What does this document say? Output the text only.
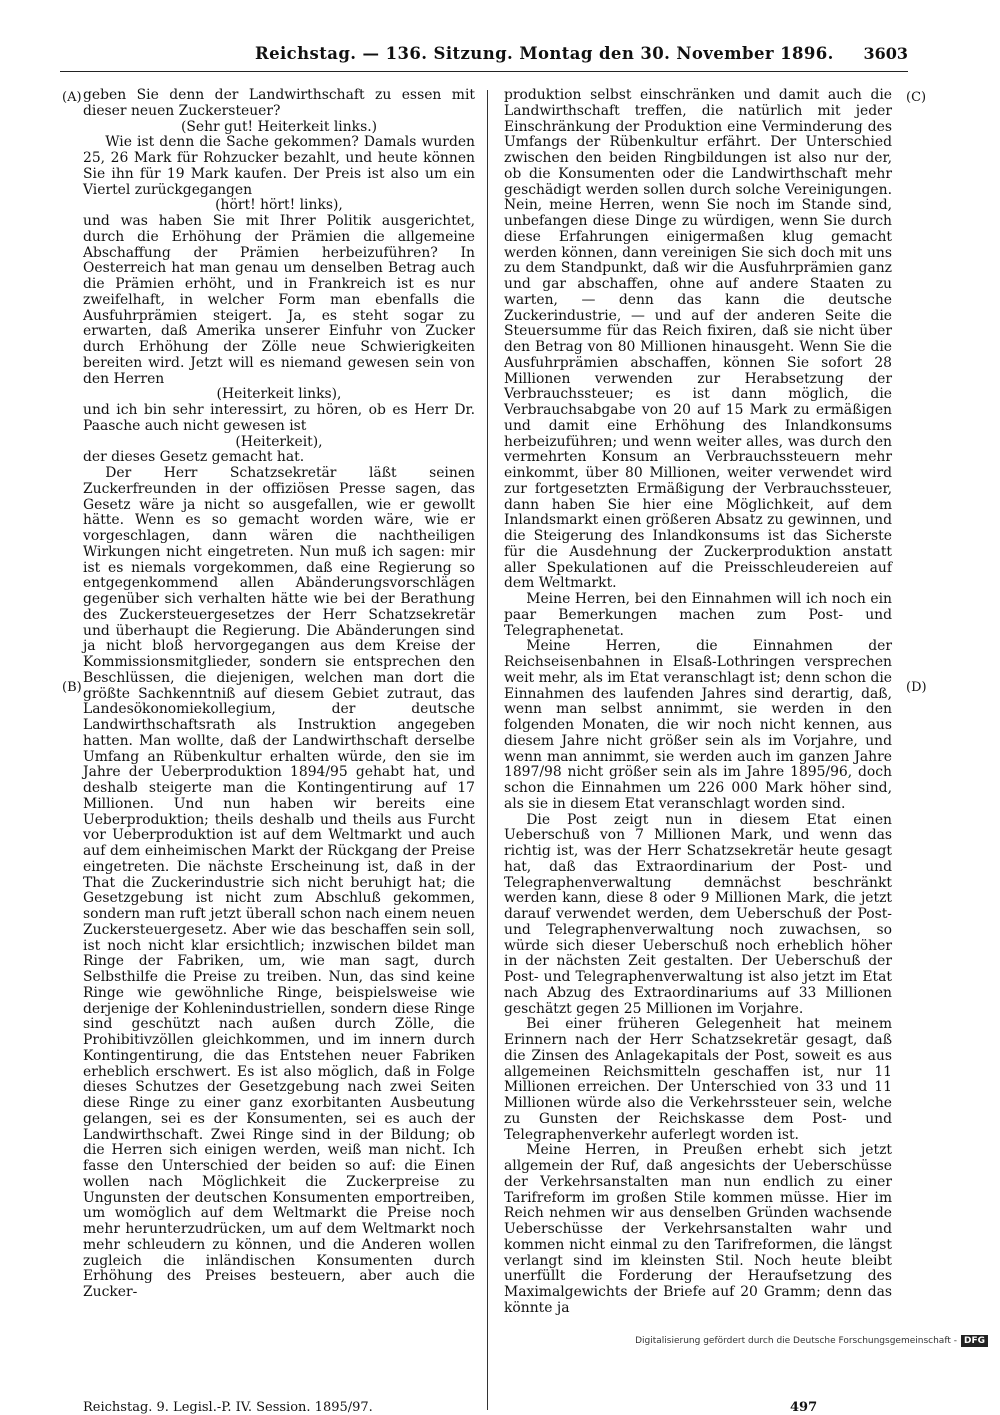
Reichstag. — 136. Sitzung. Montag den 30. November 1896. 3603
(A)
(B)
(C)
(D)

geben Sie denn der Landwirthschaft zu essen mit dieser neuen Zuckersteuer?

(Sehr gut! Heiterkeit links.)

Wie ist denn die Sache gekommen? Damals wurden 25, 26 Mark für Rohzucker bezahlt, und heute können Sie ihn für 19 Mark kaufen. Der Preis ist also um ein Viertel zurückgegangen

(hört! hört! links),

und was haben Sie mit Ihrer Politik ausgerichtet, durch die Erhöhung der Prämien die allgemeine Abschaffung der Prämien herbeizuführen? In Oesterreich hat man genau um denselben Betrag auch die Prämien erhöht, und in Frankreich ist es nur zweifelhaft, in welcher Form man ebenfalls die Ausfuhrprämien steigert. Ja, es steht sogar zu erwarten, daß Amerika unserer Einfuhr von Zucker durch Erhöhung der Zölle neue Schwierigkeiten bereiten wird. Jetzt will es niemand gewesen sein von den Herren

(Heiterkeit links),

und ich bin sehr interessirt, zu hören, ob es Herr Dr. Paasche auch nicht gewesen ist

(Heiterkeit),

der dieses Gesetz gemacht hat.

Der Herr Schatzsekretär läßt seinen Zuckerfreunden in der offiziösen Presse sagen, das Gesetz wäre ja nicht so ausgefallen, wie er gewollt hätte. Wenn es so gemacht worden wäre, wie er vorgeschlagen, dann wären die nachtheiligen Wirkungen nicht eingetreten. Nun muß ich sagen: mir ist es niemals vorgekommen, daß eine Regierung so entgegenkommend allen Abänderungsvorschlägen gegenüber sich verhalten hätte wie bei der Berathung des Zuckersteuergesetzes der Herr Schatzsekretär und überhaupt die Regierung. Die Abänderungen sind ja nicht bloß hervorgegangen aus dem Kreise der Kommissionsmitglieder, sondern sie entsprechen den Beschlüssen, die diejenigen, welchen man dort die größte Sachkenntniß auf diesem Gebiet zutraut, das Landesökonomiekollegium, der deutsche Landwirthschaftsrath als Instruktion angegeben hatten. Man wollte, daß der Landwirthschaft derselbe Umfang an Rübenkultur erhalten würde, den sie im Jahre der Ueberproduktion 1894/95 gehabt hat, und deshalb steigerte man die Kontingentirung auf 17 Millionen. Und nun haben wir bereits eine Ueberproduktion; theils deshalb und theils aus Furcht vor Ueberproduktion ist auf dem Weltmarkt und auch auf dem einheimischen Markt der Rückgang der Preise eingetreten. Die nächste Erscheinung ist, daß in der That die Zuckerindustrie sich nicht beruhigt hat; die Gesetzgebung ist nicht zum Abschluß gekommen, sondern man ruft jetzt überall schon nach einem neuen Zuckersteuergesetz. Aber wie das beschaffen sein soll, ist noch nicht klar ersichtlich; inzwischen bildet man Ringe der Fabriken, um, wie man sagt, durch Selbsthilfe die Preise zu treiben. Nun, das sind keine Ringe wie gewöhnliche Ringe, beispielsweise wie derjenige der Kohlenindustriellen, sondern diese Ringe sind geschützt nach außen durch Zölle, die Prohibitivzöllen gleichkommen, und im innern durch Kontingentirung, die das Entstehen neuer Fabriken erheblich erschwert. Es ist also möglich, daß in Folge dieses Schutzes der Gesetzgebung nach zwei Seiten diese Ringe zu einer ganz exorbitanten Ausbeutung gelangen, sei es der Konsumenten, sei es auch der Landwirthschaft. Zwei Ringe sind in der Bildung; ob die Herren sich einigen werden, weiß man nicht. Ich fasse den Unterschied der beiden so auf: die Einen wollen nach Möglichkeit die Zuckerpreise zu Ungunsten der deutschen Konsumenten emportreiben, um womöglich auf dem Weltmarkt die Preise noch mehr herunterzudrücken, um auf dem Weltmarkt noch mehr schleudern zu können, und die Anderen wollen zugleich die inländischen Konsumenten durch Erhöhung des Preises besteuern, aber auch die Zucker-

produktion selbst einschränken und damit auch die Landwirthschaft treffen, die natürlich mit jeder Einschränkung der Produktion eine Verminderung des Umfangs der Rübenkultur erfährt. Der Unterschied zwischen den beiden Ringbildungen ist also nur der, ob die Konsumenten oder die Landwirthschaft mehr geschädigt werden sollen durch solche Vereinigungen. Nein, meine Herren, wenn Sie noch im Stande sind, unbefangen diese Dinge zu würdigen, wenn Sie durch diese Erfahrungen einigermaßen klug gemacht werden können, dann vereinigen Sie sich doch mit uns zu dem Standpunkt, daß wir die Ausfuhrprämien ganz und gar abschaffen, ohne auf andere Staaten zu warten, — denn das kann die deutsche Zuckerindustrie, — und auf der anderen Seite die Steuersumme für das Reich fixiren, daß sie nicht über den Betrag von 80 Millionen hinausgeht. Wenn Sie die Ausfuhrprämien abschaffen, können Sie sofort 28 Millionen verwenden zur Herabsetzung der Verbrauchssteuer; es ist dann möglich, die Verbrauchsabgabe von 20 auf 15 Mark zu ermäßigen und damit eine Erhöhung des Inlandkonsums herbeizuführen; und wenn weiter alles, was durch den vermehrten Konsum an Verbrauchssteuern mehr einkommt, über 80 Millionen, weiter verwendet wird zur fortgesetzten Ermäßigung der Verbrauchssteuer, dann haben Sie hier eine Möglichkeit, auf dem Inlandsmarkt einen größeren Absatz zu gewinnen, und die Steigerung des Inlandkonsums ist das Sicherste für die Ausdehnung der Zuckerproduktion anstatt aller Spekulationen auf die Preisschleudereien auf dem Weltmarkt.

Meine Herren, bei den Einnahmen will ich noch ein paar Bemerkungen machen zum Post- und Telegraphenetat.

Meine Herren, die Einnahmen der Reichseisenbahnen in Elsaß-Lothringen versprechen weit mehr, als im Etat veranschlagt ist; denn schon die Einnahmen des laufenden Jahres sind derartig, daß, wenn man selbst annimmt, sie werden in den folgenden Monaten, die wir noch nicht kennen, aus diesem Jahre nicht größer sein als im Vorjahre, und wenn man annimmt, sie werden auch im ganzen Jahre 1897/98 nicht größer sein als im Jahre 1895/96, doch schon die Einnahmen um 226 000 Mark höher sind, als sie in diesem Etat veranschlagt worden sind.

Die Post zeigt nun in diesem Etat einen Ueberschuß von 7 Millionen Mark, und wenn das richtig ist, was der Herr Schatzsekretär heute gesagt hat, daß das Extraordinarium der Post- und Telegraphenverwaltung demnächst beschränkt werden kann, diese 8 oder 9 Millionen Mark, die jetzt darauf verwendet werden, dem Ueberschuß der Post- und Telegraphenverwaltung noch zuwachsen, so würde sich dieser Ueberschuß noch erheblich höher in der nächsten Zeit gestalten. Der Ueberschuß der Post- und Telegraphenverwaltung ist also jetzt im Etat nach Abzug des Extraordinariums auf 33 Millionen geschätzt gegen 25 Millionen im Vorjahre.

Bei einer früheren Gelegenheit hat meinem Erinnern nach der Herr Schatzsekretär gesagt, daß die Zinsen des Anlagekapitals der Post, soweit es aus allgemeinen Reichsmitteln geschaffen ist, nur 11 Millionen erreichen. Der Unterschied von 33 und 11 Millionen würde also die Verkehrssteuer sein, welche zu Gunsten der Reichskasse dem Post- und Telegraphenverkehr auferlegt worden ist.

Meine Herren, in Preußen erhebt sich jetzt allgemein der Ruf, daß angesichts der Ueberschüsse der Verkehrsanstalten man nun endlich zu einer Tarifreform im großen Stile kommen müsse. Hier im Reich nehmen wir aus denselben Gründen wachsende Ueberschüsse der Verkehrsanstalten wahr und kommen nicht einmal zu den Tarifreformen, die längst verlangt sind im kleinsten Stil. Noch heute bleibt unerfüllt die Forderung der Heraufsetzung des Maximalgewichts der Briefe auf 20 Gramm; denn das könnte ja

Reichstag. 9. Legisl.-P. IV. Session. 1895/97.	497
Digitalisierung gefördert durch die Deutsche Forschungsgemeinschaft - DFG
